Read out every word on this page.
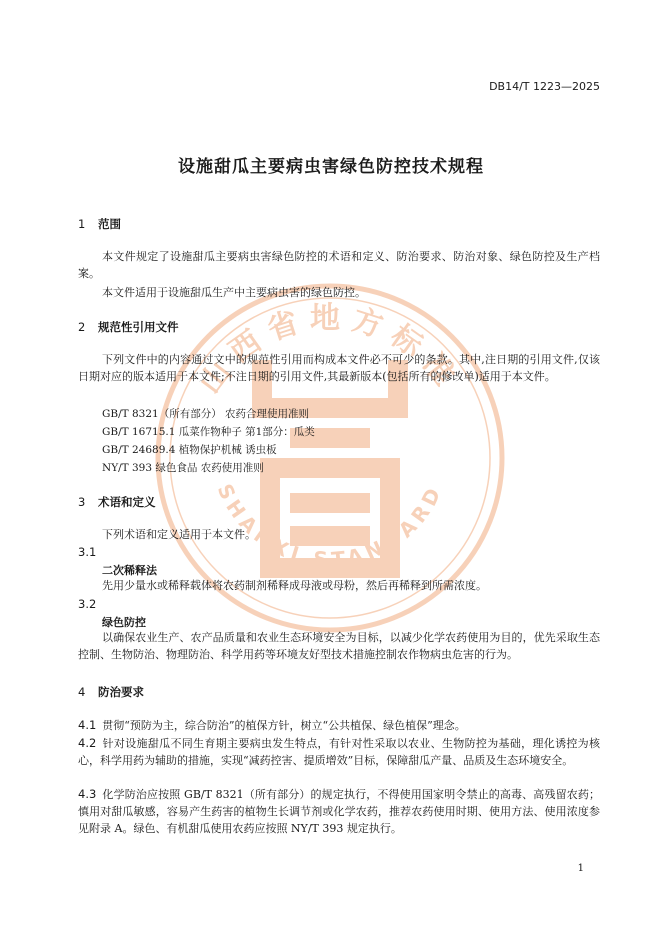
山西省地方标准
SHANXI STANDARD
DB14/T 1223—2025
设施甜瓜主要病虫害绿色防控技术规程
1 范围
本文件规定了设施甜瓜主要病虫害绿色防控的术语和定义、防治要求、防治对象、绿色防控及生产档案。
本文件适用于设施甜瓜生产中主要病虫害的绿色防控。
2 规范性引用文件
下列文件中的内容通过文中的规范性引用而构成本文件必不可少的条款。其中,注日期的引用文件,仅该日期对应的版本适用于本文件;不注日期的引用文件,其最新版本(包括所有的修改单)适用于本文件。
GB/T 8321（所有部分） 农药合理使用准则
GB/T 16715.1 瓜菜作物种子 第1部分：瓜类
GB/T 24689.4 植物保护机械 诱虫板
NY/T 393 绿色食品 农药使用准则
3 术语和定义
下列术语和定义适用于本文件。
3.1
二次稀释法
先用少量水或稀释载体将农药制剂稀释成母液或母粉，然后再稀释到所需浓度。
3.2
绿色防控
以确保农业生产、农产品质量和农业生态环境安全为目标，以减少化学农药使用为目的，优先采取生态控制、生物防治、物理防治、科学用药等环境友好型技术措施控制农作物病虫危害的行为。
4 防治要求
4.1 贯彻“预防为主，综合防治”的植保方针，树立“公共植保、绿色植保”理念。
4.2 针对设施甜瓜不同生育期主要病虫发生特点，有针对性采取以农业、生物防控为基础，理化诱控为核心，科学用药为辅助的措施，实现“减药控害、提质增效”目标，保障甜瓜产量、品质及生态环境安全。
4.3 化学防治应按照 GB/T 8321（所有部分）的规定执行，不得使用国家明令禁止的高毒、高残留农药；慎用对甜瓜敏感，容易产生药害的植物生长调节剂或化学农药，推荐农药使用时期、使用方法、使用浓度参见附录 A。绿色、有机甜瓜使用农药应按照 NY/T 393 规定执行。
1
